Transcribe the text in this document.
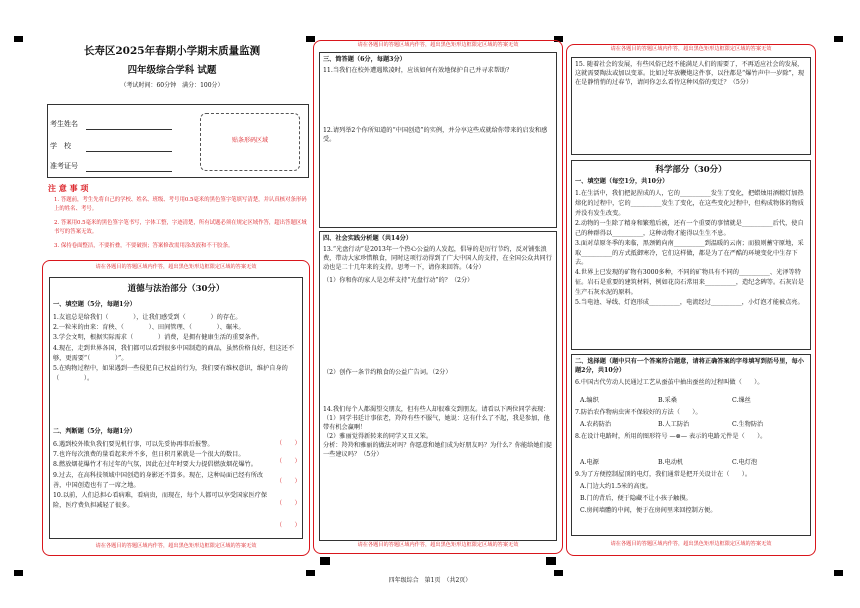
长寿区2025年春期小学期末质量监测
四年级综合学科 试题
（考试时间：60分钟　满分：100分）
考生姓名
学　校
准考证号
贴条形码区域
注 意 事 项
1. 答题前，考生先将自己的学校、姓名、班级、考号用0.5毫米的黑色签字笔填写清楚，并认真核对条形码上的姓名、考号。
2. 答案用0.5毫米的黑色签字笔书写，字体工整，字迹清楚，所有试题必须在规定区域作答，超出答题区域书写的答案无效。
3. 保持卷面整洁，不要折叠，不要破损；答案修改需用涂改液和不干胶条。
请在各题目的答题区域内作答，超出黑色矩形边框限定区域的答案无效
道德与法治部分（30分）
一、填空题（5分，每题1分）
1.友谊总是给我们（　　　　），让我们感受到（　　　　）的存在。
2.一粒米的由来：育秧、（　　　　）、田间管理、（　　　　）、碾米。
3.学会文明，根据实际需求（　　　　）消费，是拥有健康生活的重要条件。
4.现在，走到世界各国，我们都可以看到很多中国制造的商品，虽然价格良好，但这还不够，更需要“（　　　　）”。
5.在购物过程中，如果遇到一些侵犯自己权益的行为，我们要有维权意识，维护自身的（　　　　）。
二、判断题（5分，每题1分）
6.遇到校外欺负我们要见机行事，可以先妥协再事后报警。
7.也许每次浪费的量看起来并不多，但日积月累就是一个很大的数目。
8.燃放烟花爆竹才有过年的气氛，因此在过年时要大力提倡燃放烟花爆竹。
9.过去，在高科技领域中国创造的身影还不算多。现在，这种局面已经有所改善，中国创造也有了一席之地。
10.以前，人们总担心看病难，看病贵，而现在，每个人都可以享受国家医疗保险，医疗费负担减轻了很多。
（　　）
（　　）
（　　）
（　　）
（　　）
请在各题目的答题区域内作答，超出黑色矩形边框限定区域的答案无效
请在各题目的答题区域内作答，超出黑色矩形边框限定区域的答案无效
三、简答题（6分，每题3分）
11.当我们在校外遭遇欺凌时，应该如何有效地保护自己并寻求帮助？
12.请列举2个你所知道的“中国创造”的实例，并分享这些成就给你带来的启发和感受。
四、社会实践分析题（共14分）
13.“光盘行动”是2013年一个热心公益的人发起，倡导的是厉行节约，反对铺张浪费，带动大家珍惜粮食，同时这项行动得到了广大中国人的支持，在全国公众共同行动也是二十几年来的支持。思考一下，请你来回答。（4分）
（1）你和你的家人是怎样支持“光盘行动”的？（2分）
（2）创作一条节约粮食的公益广告词。（2分）
14.我们每个人都渴望交朋友，但有些人却很难交到朋友。请看以下两位同学表现：
（1）同学书廷计事依老，羚羚有些不服气，她说：这有什么了不起，我是参加，他带有机会赢啊！
（2）雅丽觉得新转来的同学又丑又笨。
分析：羚羚和雅丽的做法对吗？你愿意和她们成为好朋友吗？为什么？你能给她们提一些建议吗？（5分）
请在各题目的答题区域内作答，超出黑色矩形边框限定区域的答案无效
请在各题目的答题区域内作答，超出黑色矩形边框限定区域的答案无效
15. 随着社会的发展，有些风俗已经不能满足人们的需要了，不再适应社会的发展，这就需要陶汰或加以变革。比如过年放鞭炮这件事，以往都是“爆竹声中一岁除”，现在是静悄悄的过春节，请问你怎么看待这种风俗的变迁？（5分）
科学部分（30分）
一、填空题（每空1分，共10分）
1.在生活中，我们把泥捏成的人，它的__________发生了变化，把蜡烛用酒精灯加热熔化的过程中，它的__________发生了变化，在这些变化过程中，但构成物体的物质并没有发生改变。
2.动物的一生除了精身和繁殖后被，还有一个重要的事情就是__________后代，使自己的种群得以__________，这种动物才能得以生生不息。
3.面对草原冬季的来临，黑颈鹤向南__________到温暖的云南；而狼则蓄守原地，采取__________的方式抵御寒冷，它们这样做，都是为了在严酷的环境变化中生存下去。
4.世界上已发现的矿物有3000多种，不同的矿物具有不同的__________、光泽等特征。岩石是重要的建筑材料，例如花岗石常用来__________，造纪念碑等。石灰岩是生产石灰水泥的原料。
5.当电池、导线、灯泡形成__________，电流经过__________，小灯泡才能被点亮。
二、选择题（题中只有一个答案符合题意，请将正确答案的字母填写到括号里，每小题2分，共10分）
6.中国古代劳动人民通过工艺从蚕茧中抽出蚕丝的过程叫做（　　）。
A.编织	B.采桑	C.缫丝
7.防治农作物病虫害不保较好的方法（　　）。
A.农药防治	B.人工防治	C.生物防治
8.在设计电路时，所用的图形符号 —⊗— 表示的电路元件是（　　）。
A.电源	B.电动机	C.电灯泡
9.为了方便控制屋顶的电灯，我们通常是把开关设计在（　　）。
A.门边大约1.5米的高度。
B.门的背后，便于隐藏不让小孩子触摸。
C.房间墙體的中间，便于在房间里来回控制方便。
请在各题目的答题区域内作答，超出黑色矩形边框限定区域的答案无效
四年级综合　第1页　（共2页）
